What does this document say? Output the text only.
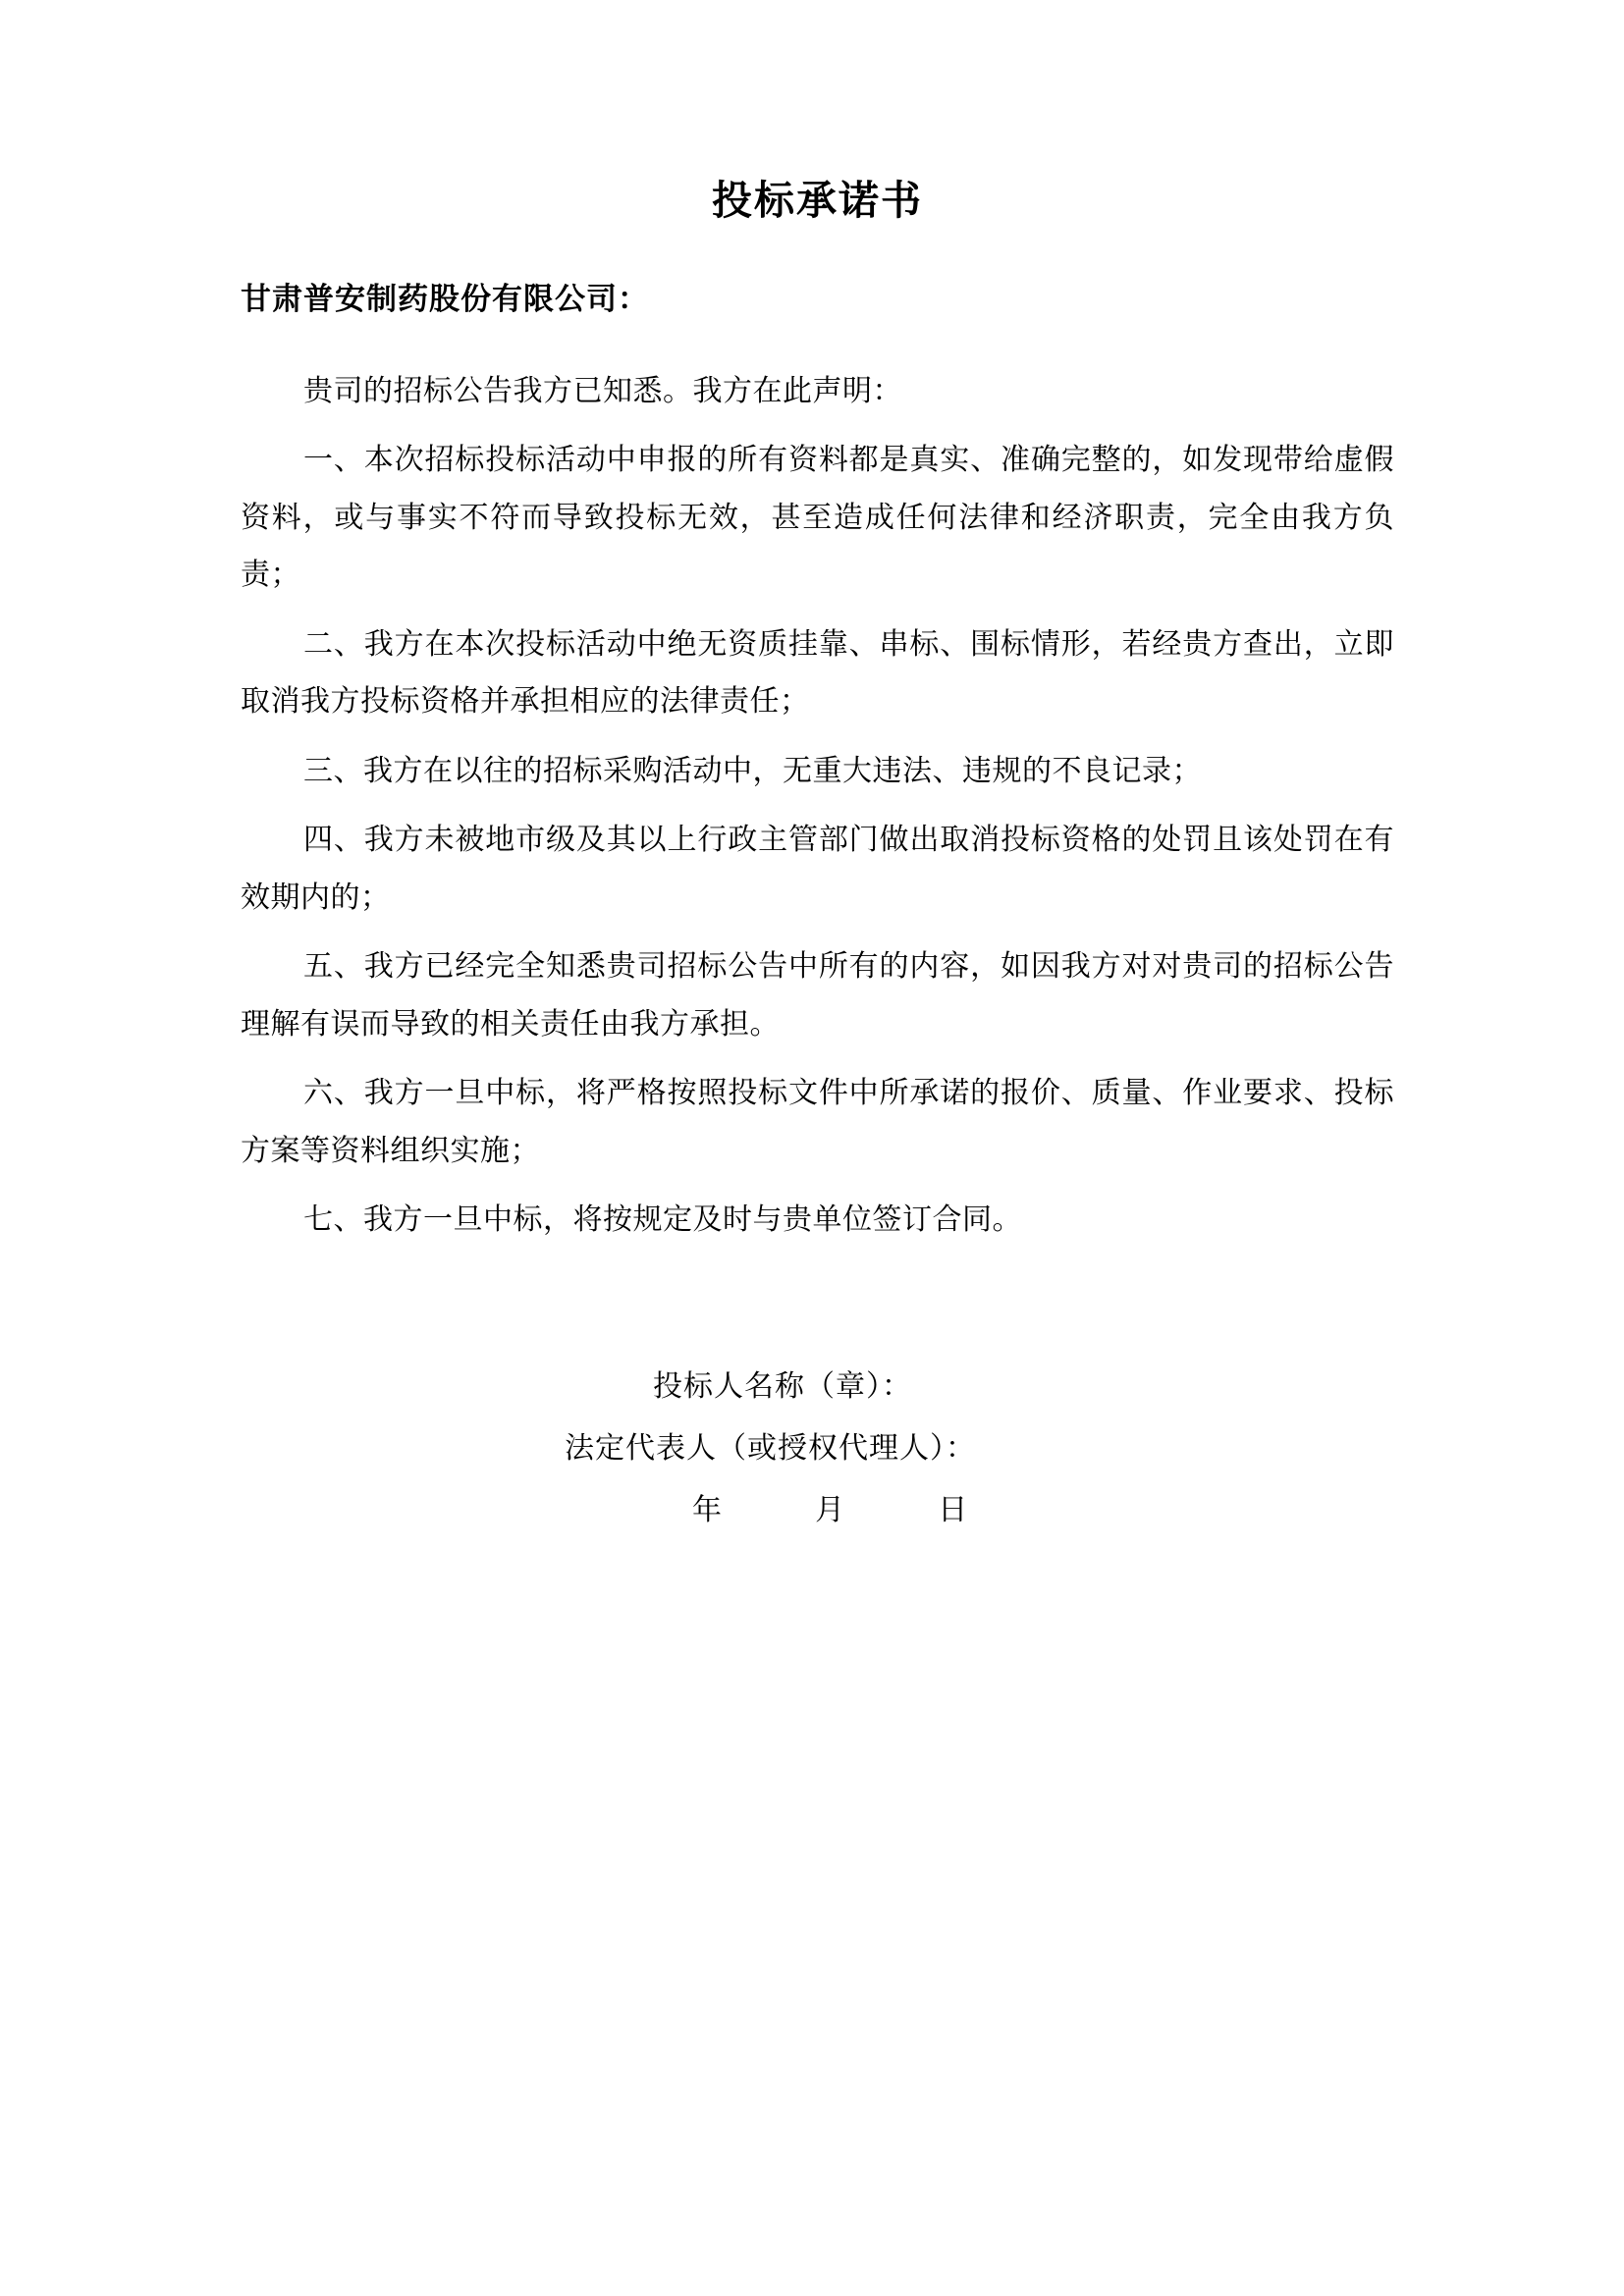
投标承诺书
甘肃普安制药股份有限公司：

贵司的招标公告我方已知悉。我方在此声明：

一、本次招标投标活动中申报的所有资料都是真实、准确完整的，如发现带给虚假资料，或与事实不符而导致投标无效，甚至造成任何法律和经济职责，完全由我方负责；

二、我方在本次投标活动中绝无资质挂靠、串标、围标情形，若经贵方查出，立即取消我方投标资格并承担相应的法律责任；

三、我方在以往的招标采购活动中，无重大违法、违规的不良记录；

四、我方未被地市级及其以上行政主管部门做出取消投标资格的处罚且该处罚在有效期内的；

五、我方已经完全知悉贵司招标公告中所有的内容，如因我方对对贵司的招标公告理解有误而导致的相关责任由我方承担。

六、我方一旦中标，将严格按照投标文件中所承诺的报价、质量、作业要求、投标方案等资料组织实施；

七、我方一旦中标，将按规定及时与贵单位签订合同。

投标人名称（章）：
法定代表人（或授权代理人）：
年	月	日
